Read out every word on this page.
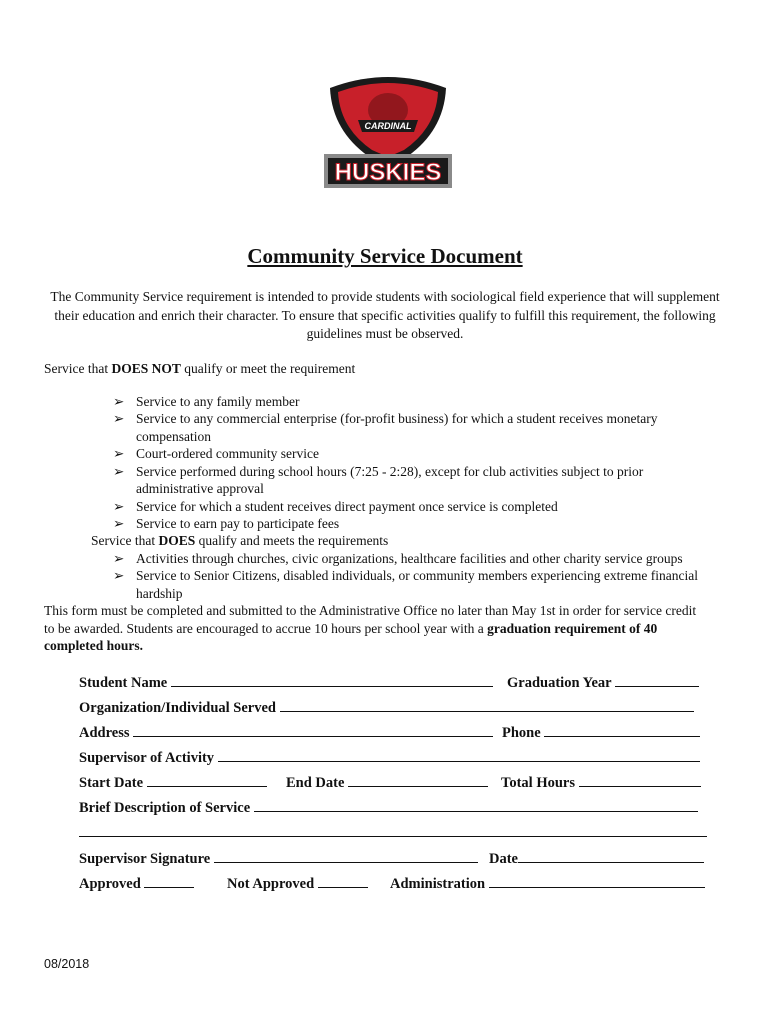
CARDINAL
HUSKIES
Community Service Document
The Community Service requirement is intended to provide students with sociological field experience that will supplement their education and enrich their character. To ensure that specific activities qualify to fulfill this requirement, the following guidelines must be observed.
Service that DOES NOT qualify or meet the requirement
➢ Service to any family member
➢ Service to any commercial enterprise (for-profit business) for which a student receives monetary
compensation
➢ Court-ordered community service
➢ Service performed during school hours (7:25 - 2:28), except for club activities subject to prior
administrative approval
➢ Service for which a student receives direct payment once service is completed
➢ Service to earn pay to participate fees
Service that DOES qualify and meets the requirements
➢ Activities through churches, civic organizations, healthcare facilities and other charity service groups
➢ Service to Senior Citizens, disabled individuals, or community members experiencing extreme financial
hardship
This form must be completed and submitted to the Administrative Office no later than May 1st in order for service credit
to be awarded. Students are encouraged to accrue 10 hours per school year with a graduation requirement of 40
completed hours.
Student Name	Graduation Year
Organization/Individual Served
Address	Phone
Supervisor of Activity
Start Date	End Date	Total Hours
Brief Description of Service
Supervisor Signature	Date
Approved	Not Approved	Administration
08/2018
